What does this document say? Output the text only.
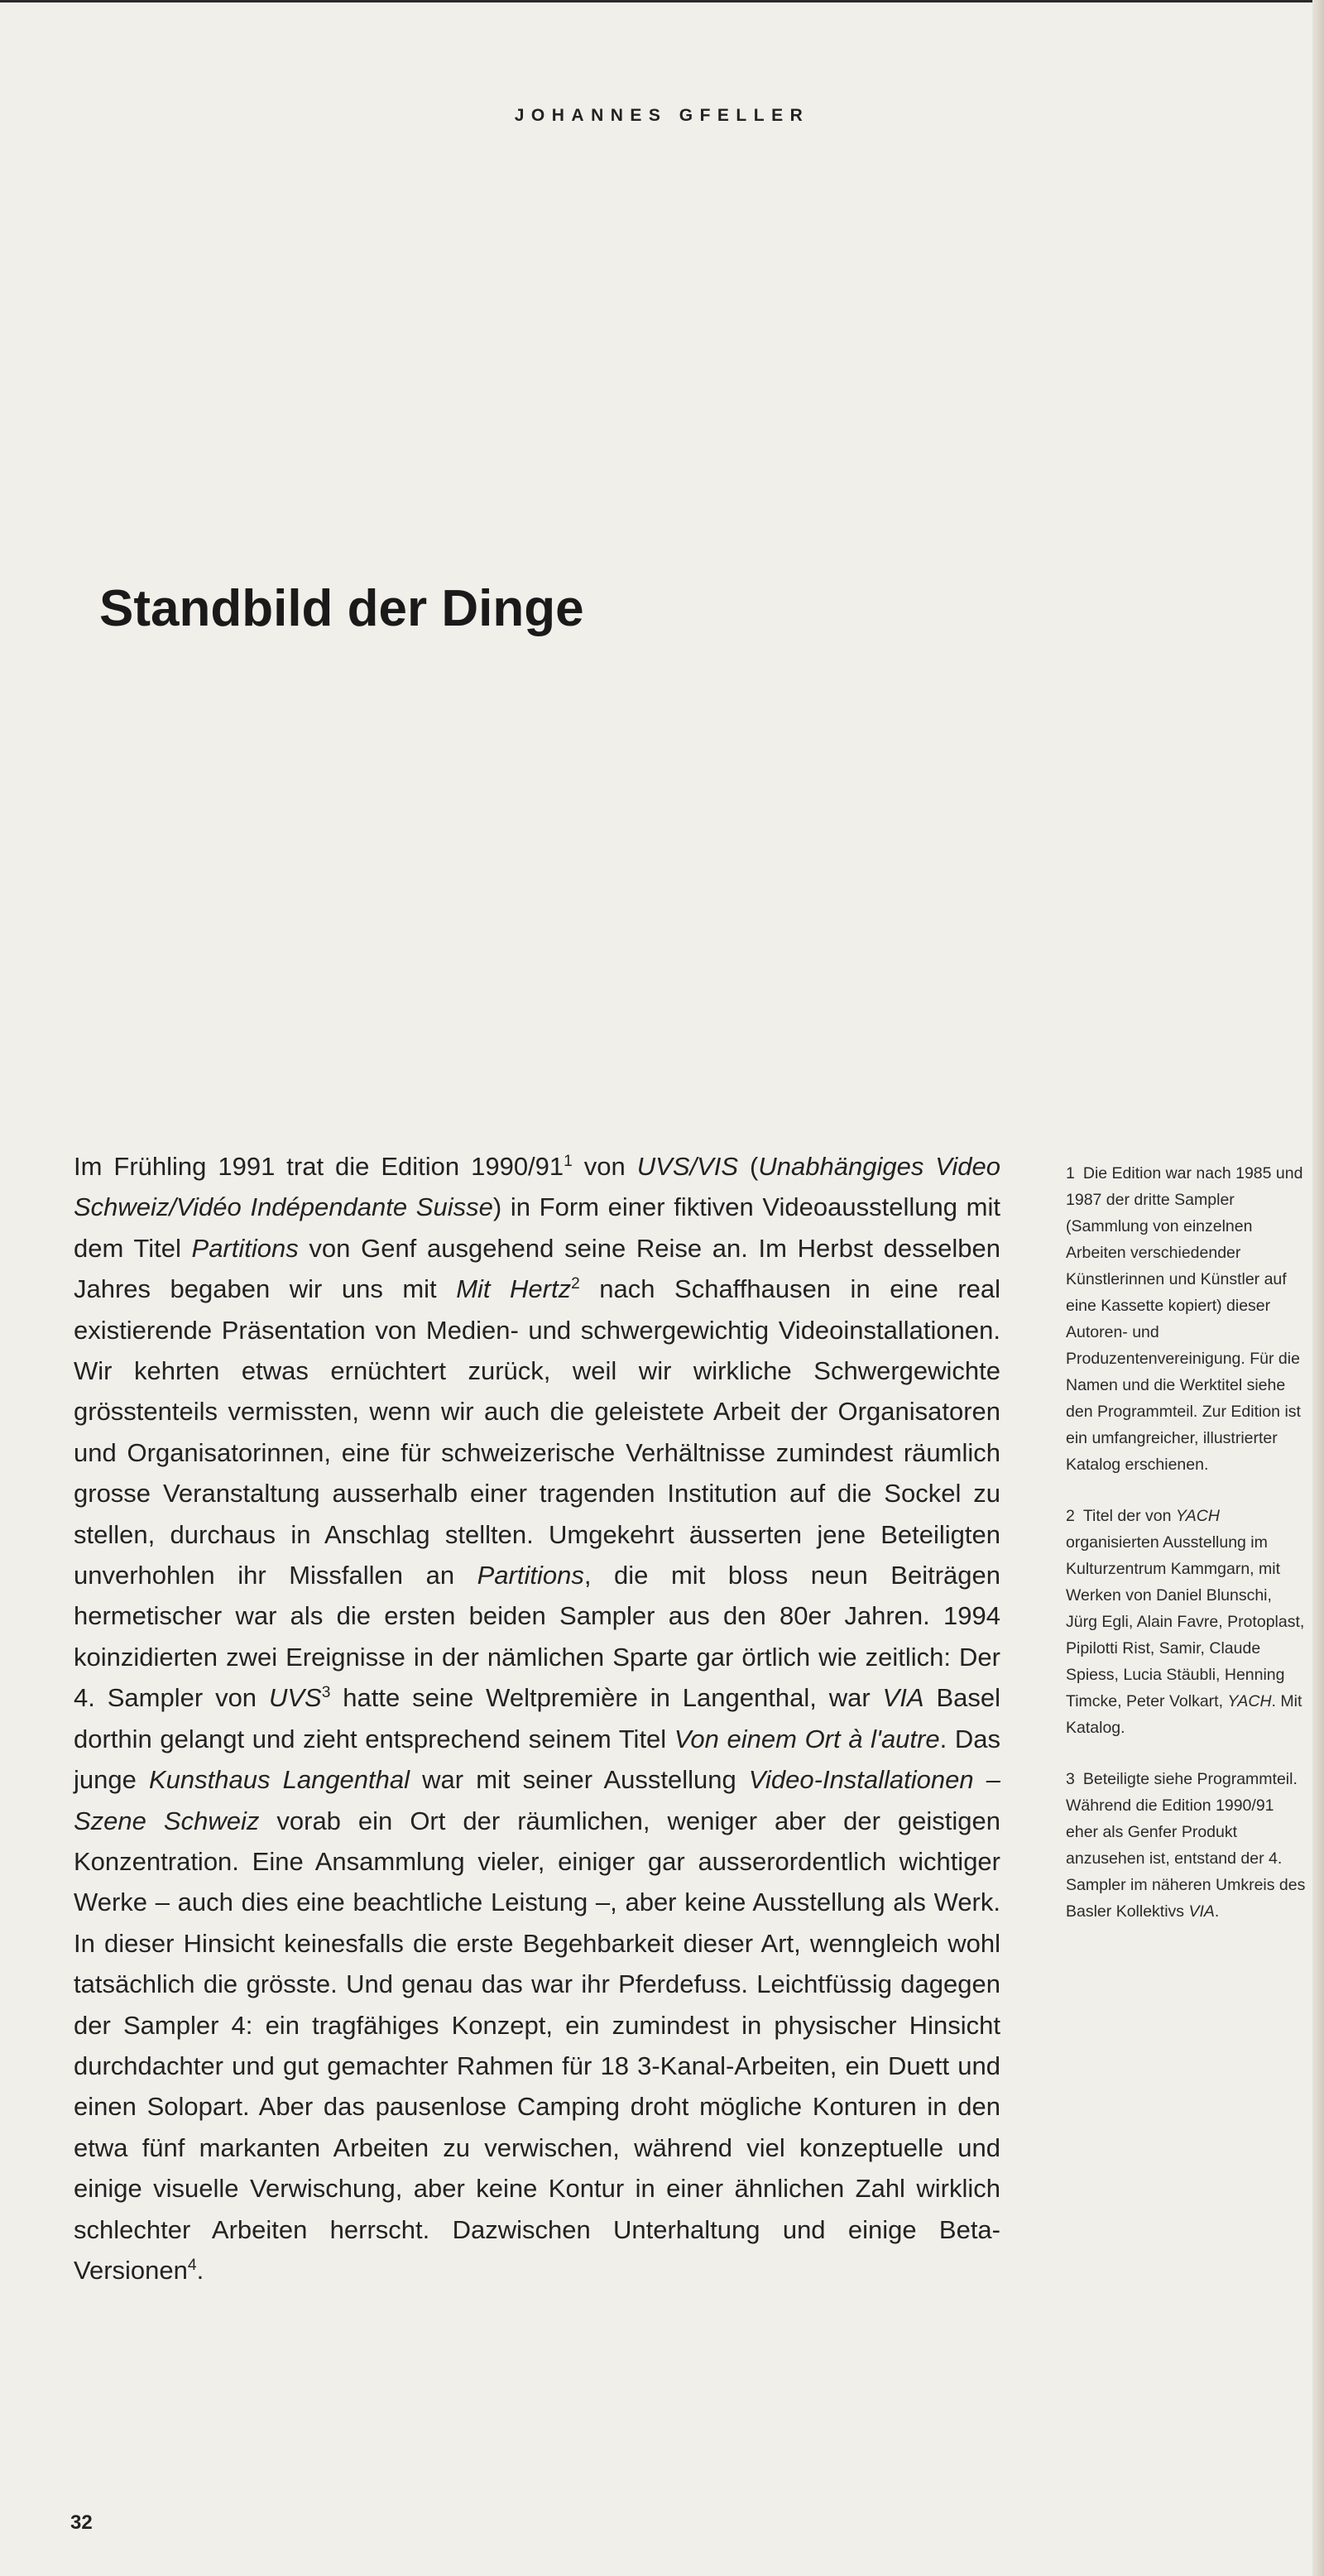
JOHANNES GFELLER
Standbild der Dinge

Im Frühling 1991 trat die Edition $1990/91^1$ von UVS/VIS (Unabhängiges Video Schweiz/Vidéo Indépendante Suisse) in Form einer fiktiven Videoausstellung mit dem Titel Partitions von Genf ausgehend seine Reise an. Im Herbst desselben Jahres begaben wir uns mit Mit Hertz$^2$ nach Schaffhausen in eine real existierende Präsentation von Medien- und schwergewichtig Videoinstallationen. Wir kehrten etwas ernüchtert zurück, weil wir wirkliche Schwergewichte grösstenteils vermissten, wenn wir auch die geleistete Arbeit der Organisatoren und Organisatorinnen, eine für schweizerische Verhältnisse zumindest räumlich grosse Veranstaltung ausserhalb einer tragenden Institution auf die Sockel zu stellen, durchaus in Anschlag stellten. Umgekehrt äusserten jene Beteiligten unverhohlen ihr Missfallen an Partitions, die mit bloss neun Beiträgen hermetischer war als die ersten beiden Sampler aus den 80er Jahren. 1994 koinzidierten zwei Ereignisse in der nämlichen Sparte gar örtlich wie zeitlich: Der 4. Sampler von UVS$^3$ hatte seine Weltpremière in Langenthal, war VIA Basel dorthin gelangt und zieht entsprechend seinem Titel Von einem Ort à l'autre. Das junge Kunsthaus Langenthal war mit seiner Ausstellung Video-Installationen – Szene Schweiz vorab ein Ort der räumlichen, weniger aber der geistigen Konzentration. Eine Ansammlung vieler, einiger gar ausserordentlich wichtiger Werke – auch dies eine beachtliche Leistung –, aber keine Ausstellung als Werk. In dieser Hinsicht keinesfalls die erste Begehbarkeit dieser Art, wenngleich wohl tatsächlich die grösste. Und genau das war ihr Pferdefuss. Leichtfüssig dagegen der Sampler 4: ein tragfähiges Konzept, ein zumindest in physischer Hinsicht durchdachter und gut gemachter Rahmen für 18 3-Kanal-Arbeiten, ein Duett und einen Solopart. Aber das pausenlose Camping droht mögliche Konturen in den etwa fünf markanten Arbeiten zu verwischen, während viel konzeptuelle und einige visuelle Verwischung, aber keine Kontur in einer ähnlichen Zahl wirklich schlechter Arbeiten herrscht. Dazwischen Unterhaltung und einige Beta-Versionen$^4$.

1 Die Edition war nach 1985 und 1987 der dritte Sampler (Sammlung von einzelnen Arbeiten verschiedender Künstlerinnen und Künstler auf eine Kassette kopiert) dieser Autoren- und Produzentenvereinigung. Für die Namen und die Werktitel siehe den Programmteil. Zur Edition ist ein umfangreicher, illustrierter Katalog erschienen.

2 Titel der von YACH organisierten Ausstellung im Kulturzentrum Kammgarn, mit Werken von Daniel Blunschi, Jürg Egli, Alain Favre, Protoplast, Pipilotti Rist, Samir, Claude Spiess, Lucia Stäubli, Henning Timcke, Peter Volkart, YACH. Mit Katalog.

3 Beteiligte siehe Programmteil. Während die Edition 1990/91 eher als Genfer Produkt anzusehen ist, entstand der 4. Sampler im näheren Umkreis des Basler Kollektivs VIA.

32
